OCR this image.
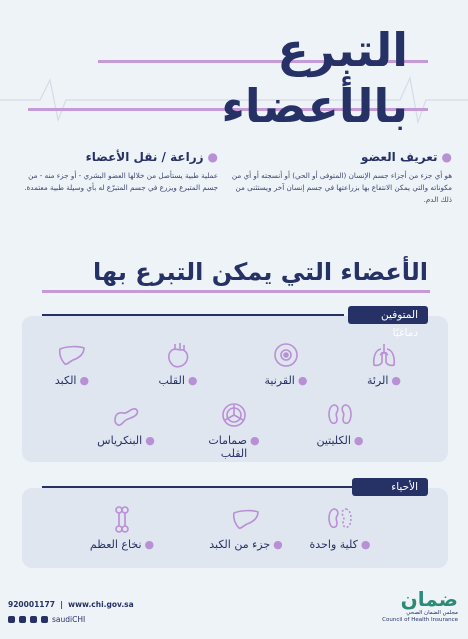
التبرع
بالأعضاء
●تعريف العضو

هو أي جزء من أجزاء جسم الإنسان (المتوفى أو الحي) أو أنسجته أو أي من مكوناته والتي يمكن الانتفاع بها بزراعتها في جسم إنسان آخر ويستثنى من ذلك الدم.

●زراعة / نقل الأعضاء

عملية طبية يستأصل من خلالها العضو البشري - أو جزء منه - من جسم المتبرع ويزرع في جسم المتبرّع له بأي وسيلة طبية معتمدة.

الأعضاء التي يمكن التبرع بها
المتوفين دماغيًا
●الرئة
●القرنية
●القلب
●الكبد
●الكليتين
●صمامات القلب
●البنكرياس
الأحياء
●كلية واحدة
●جزء من الكبد
●نخاع العظم
920001177  |  www.chi.gov.sa
saudiCHI
ضمان
مجلس الضمان الصحي
Council of Health Insurance
